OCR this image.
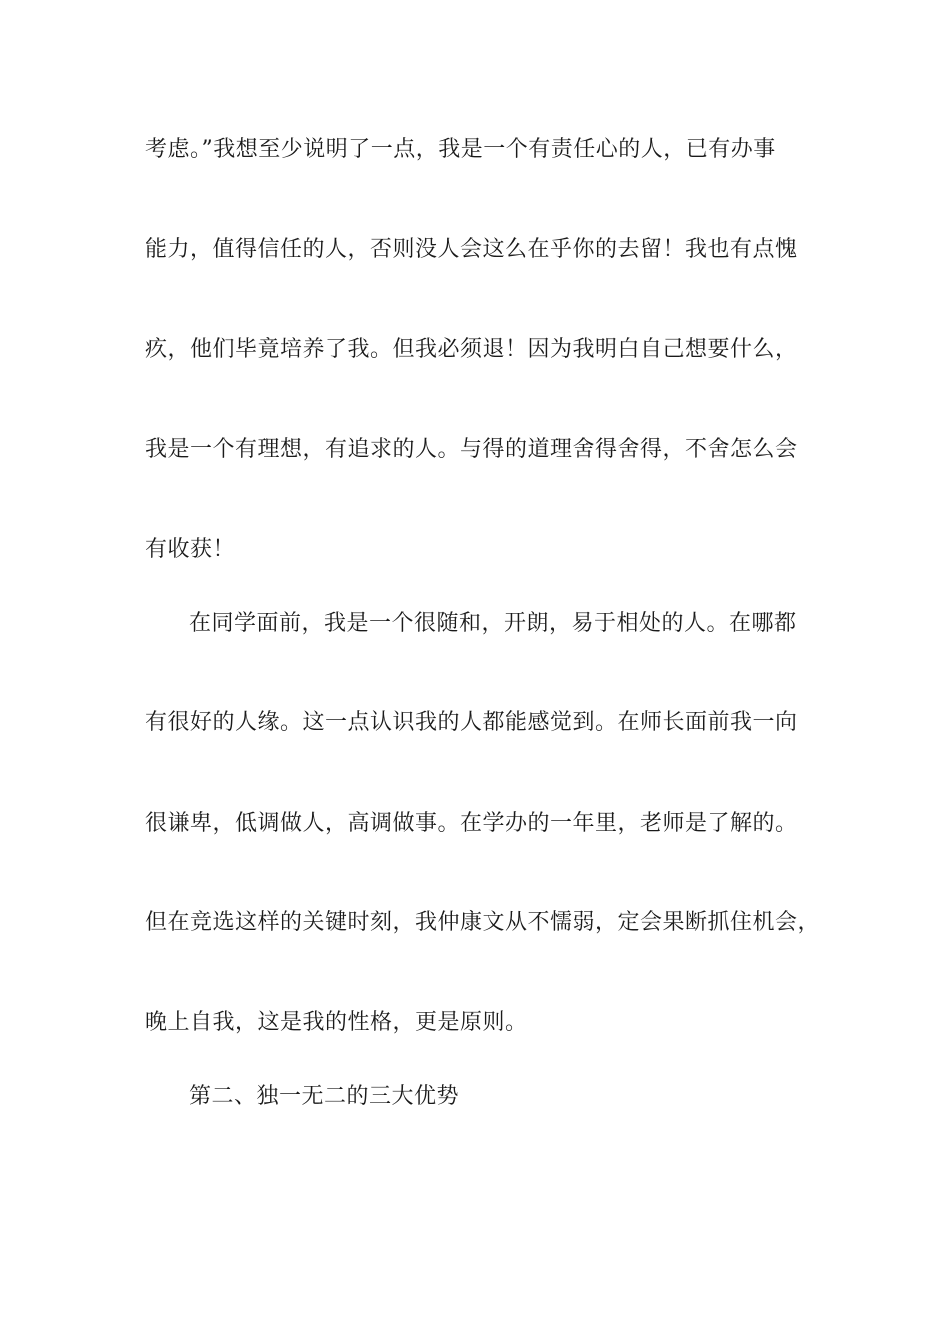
考虑。”我想至少说明了一点，我是一个有责任心的人，已有办事
能力，值得信任的人，否则没人会这么在乎你的去留！我也有点愧
疚，他们毕竟培养了我。但我必须退！因为我明白自己想要什么，
我是一个有理想，有追求的人。与得的道理舍得舍得，不舍怎么会
有收获！
在同学面前，我是一个很随和，开朗，易于相处的人。在哪都
有很好的人缘。这一点认识我的人都能感觉到。在师长面前我一向
很谦卑，低调做人，高调做事。在学办的一年里，老师是了解的。
但在竞选这样的关键时刻，我仲康文从不懦弱，定会果断抓住机会，
晚上自我，这是我的性格，更是原则。
第二、独一无二的三大优势
